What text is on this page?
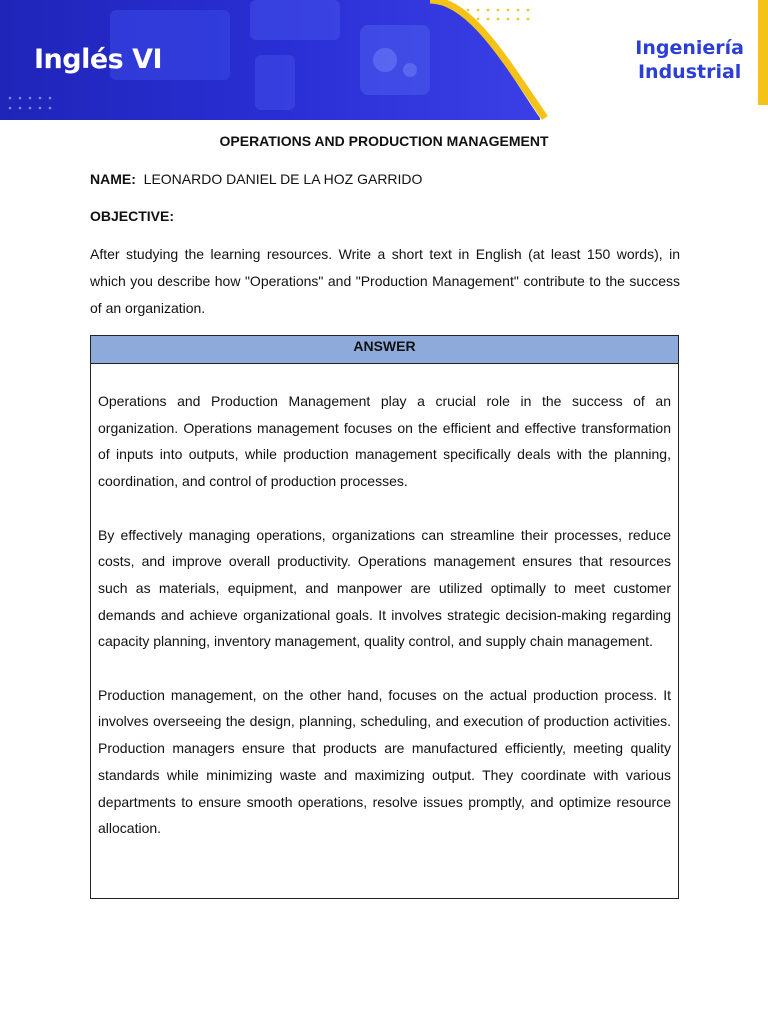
Inglés VI	Ingeniería
Industrial
OPERATIONS AND PRODUCTION MANAGEMENT
NAME: LEONARDO DANIEL DE LA HOZ GARRIDO
OBJECTIVE:
After studying the learning resources. Write a short text in English (at least 150 words), in which you describe how "Operations" and "Production Management" contribute to the success of an organization.
ANSWER

Operations and Production Management play a crucial role in the success of an organization. Operations management focuses on the efficient and effective transformation of inputs into outputs, while production management specifically deals with the planning, coordination, and control of production processes.

By effectively managing operations, organizations can streamline their processes, reduce costs, and improve overall productivity. Operations management ensures that resources such as materials, equipment, and manpower are utilized optimally to meet customer demands and achieve organizational goals. It involves strategic decision-making regarding capacity planning, inventory management, quality control, and supply chain management.

Production management, on the other hand, focuses on the actual production process. It involves overseeing the design, planning, scheduling, and execution of production activities. Production managers ensure that products are manufactured efficiently, meeting quality standards while minimizing waste and maximizing output. They coordinate with various departments to ensure smooth operations, resolve issues promptly, and optimize resource allocation.
